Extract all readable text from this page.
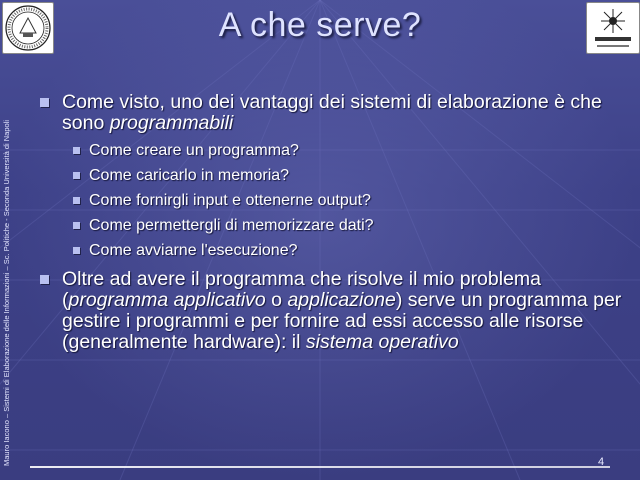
A che serve?
Mauro Iacono – Sistemi di Elaborazione delle Informazioni – Sc. Politiche - Seconda Università di Napoli
Come visto, uno dei vantaggi dei sistemi di elaborazione è che sono programmabili
Come creare un programma?
Come caricarlo in memoria?
Come fornirgli input e ottenerne output?
Come permettergli di memorizzare dati?
Come avviarne l'esecuzione?
Oltre ad avere il programma che risolve il mio problema (programma applicativo o applicazione) serve un programma per gestire i programmi e per fornire ad essi accesso alle risorse (generalmente hardware): il sistema operativo
4
